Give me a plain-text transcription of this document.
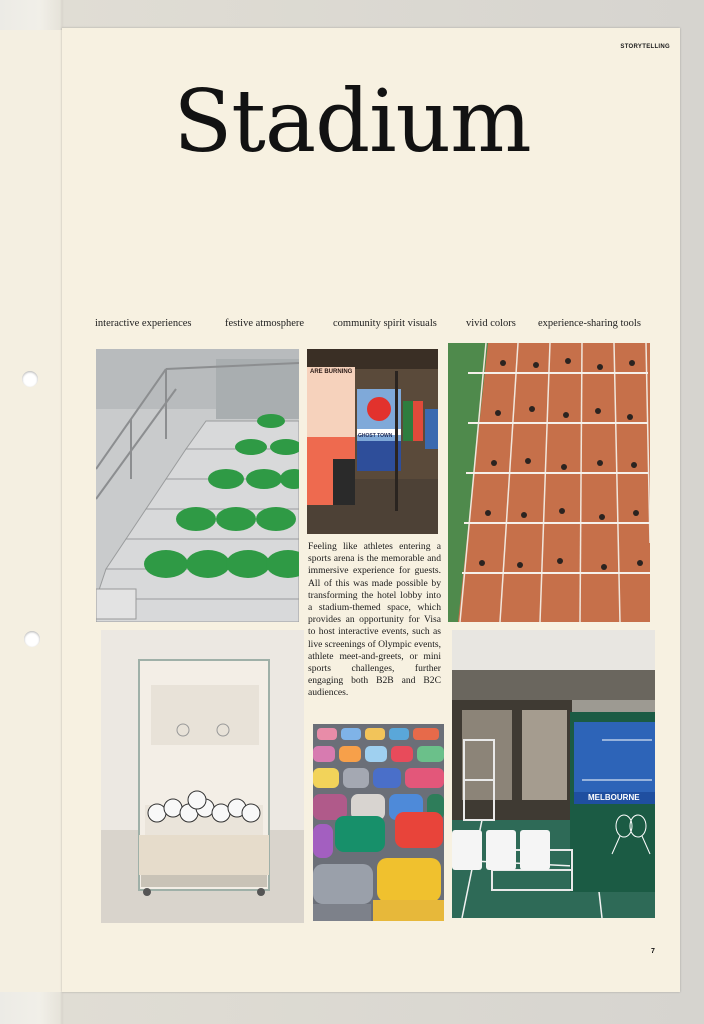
STORYTELLING
Stadium
interactive experiences	festive atmosphere	community spirit visuals	vivid colors experience-sharing tools
ARE BURNING
GHOST TOWN
Feeling like athletes entering a sports arena is the memorable and immersive experience for guests. All of this was made possible by transforming the hotel lobby into a stadium-themed space, which provides an opportunity for Visa to host interactive events, such as live screenings of Olympic events, athlete meet-and-greets, or mini sports challenges, further engaging both B2B and B2C audiences.
MELBOURNE
7
